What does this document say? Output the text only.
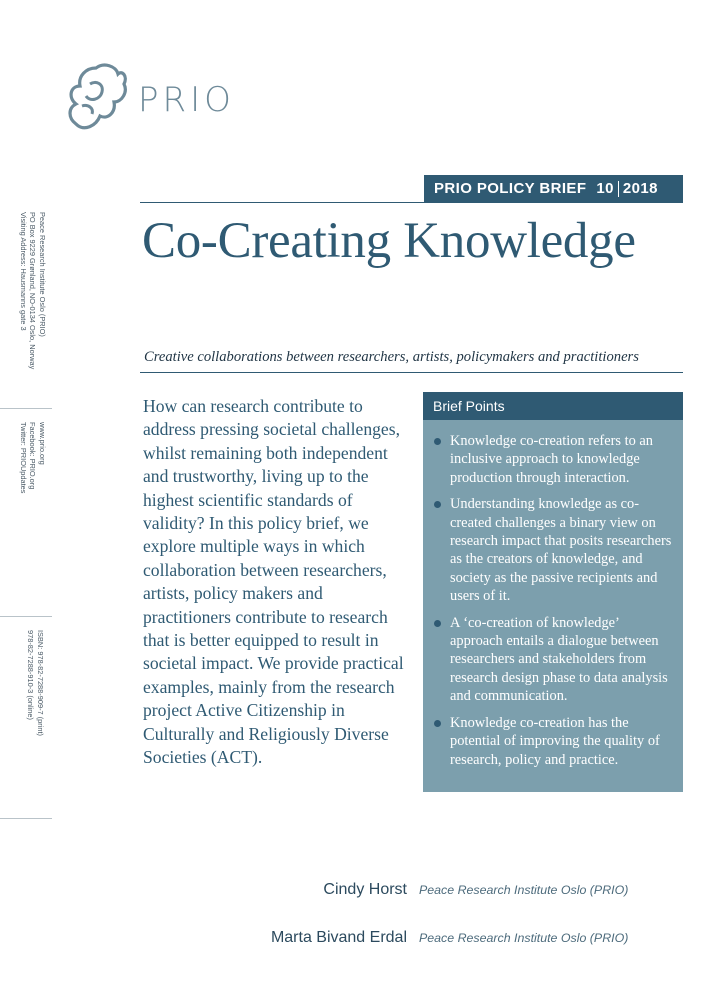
PRIO
Peace Research Institute Oslo (PRIO)
PO Box 9229 Grønland, NO-0134 Oslo, Norway
Visiting Address: Hausmanns gate 3
www.prio.org
Facebook: PRIO.org
Twitter: PRIOUpdates
ISBN: 978-82-7288-909-7 (print)
978-82-7288-910-3 (online)
PRIO POLICY BRIEF 10 2018
Co-Creating Knowledge

Creative collaborations between researchers, artists, policymakers and practitioners

How can research contribute to address pressing societal challenges, whilst remaining both independent and trustworthy, living up to the highest scientific standards of validity? In this policy brief, we explore multiple ways in which collaboration between researchers, artists, policy makers and practitioners contribute to research that is better equipped to result in societal impact. We provide practical examples, mainly from the research project Active Citizenship in Culturally and Religiously Diverse Societies (ACT).

Brief Points
Knowledge co-creation refers to an inclusive approach to knowledge production through interaction.
Understanding knowledge as co-created challenges a binary view on research impact that posits researchers as the creators of knowledge, and society as the passive recipients and users of it.
A ‘co-creation of knowledge’ approach entails a dialogue between researchers and stakeholders from research design phase to data analysis and communication.
Knowledge co-creation has the potential of improving the quality of research, policy and practice.
Cindy Horst Peace Research Institute Oslo (PRIO)
Marta Bivand Erdal Peace Research Institute Oslo (PRIO)
